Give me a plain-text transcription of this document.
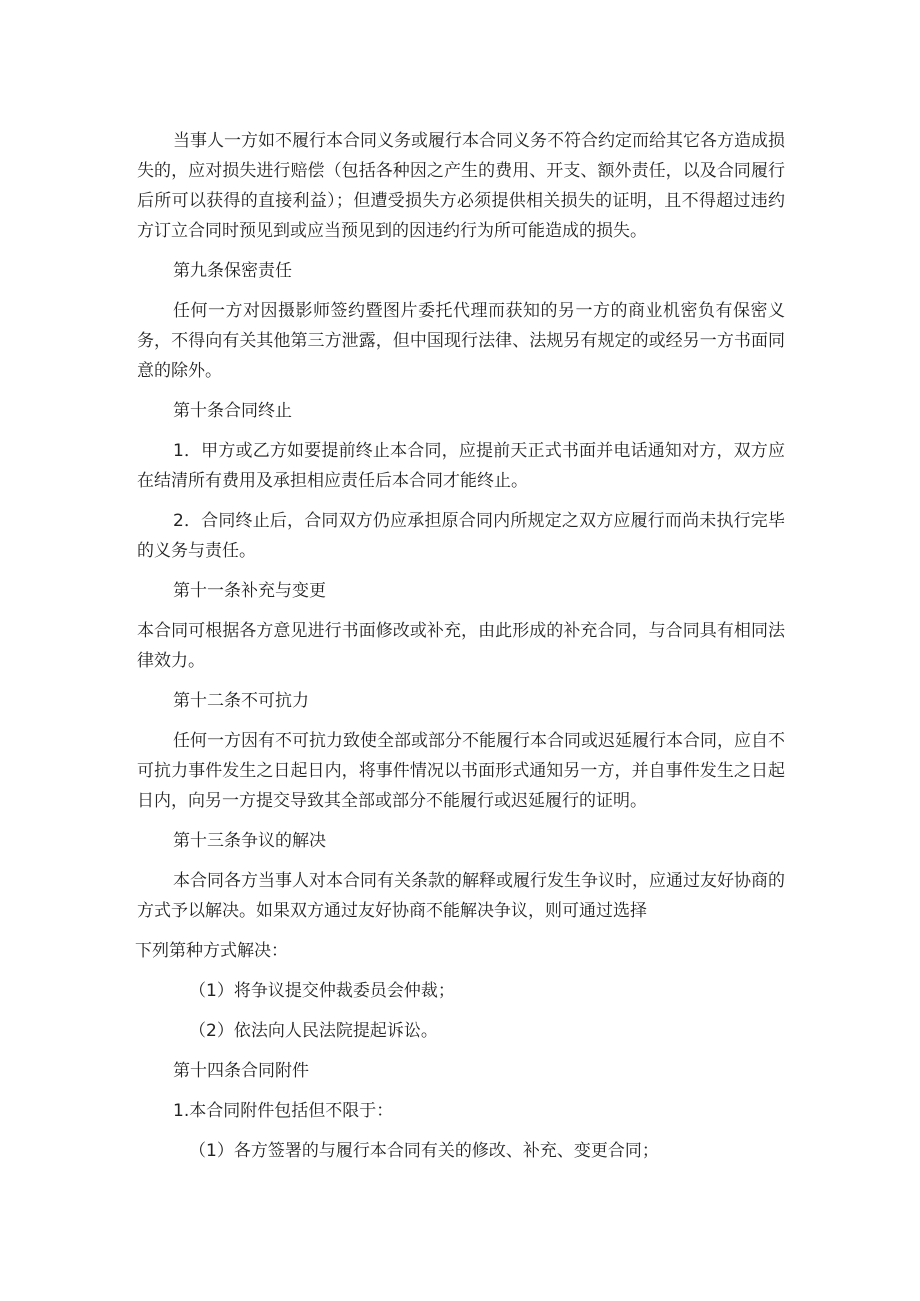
当事人一方如不履行本合同义务或履行本合同义务不符合约定而给其它各方造成损失的，应对损失进行赔偿（包括各种因之产生的费用、开支、额外责任，以及合同履行后所可以获得的直接利益）；但遭受损失方必须提供相关损失的证明，且不得超过违约方订立合同时预见到或应当预见到的因违约行为所可能造成的损失。

第九条保密责任

任何一方对因摄影师签约暨图片委托代理而获知的另一方的商业机密负有保密义务，不得向有关其他第三方泄露，但中国现行法律、法规另有规定的或经另一方书面同意的除外。

第十条合同终止

1．甲方或乙方如要提前终止本合同，应提前天正式书面并电话通知对方，双方应在结清所有费用及承担相应责任后本合同才能终止。

2．合同终止后，合同双方仍应承担原合同内所规定之双方应履行而尚未执行完毕的义务与责任。

第十一条补充与变更

本合同可根据各方意见进行书面修改或补充，由此形成的补充合同，与合同具有相同法律效力。

第十二条不可抗力

任何一方因有不可抗力致使全部或部分不能履行本合同或迟延履行本合同，应自不可抗力事件发生之日起日内，将事件情况以书面形式通知另一方，并自事件发生之日起日内，向另一方提交导致其全部或部分不能履行或迟延履行的证明。

第十三条争议的解决

本合同各方当事人对本合同有关条款的解释或履行发生争议时，应通过友好协商的方式予以解决。如果双方通过友好协商不能解决争议，则可通过选择

下列第种方式解决：

（1）将争议提交仲裁委员会仲裁；

（2）依法向人民法院提起诉讼。

第十四条合同附件

1.本合同附件包括但不限于：

（1）各方签署的与履行本合同有关的修改、补充、变更合同；
